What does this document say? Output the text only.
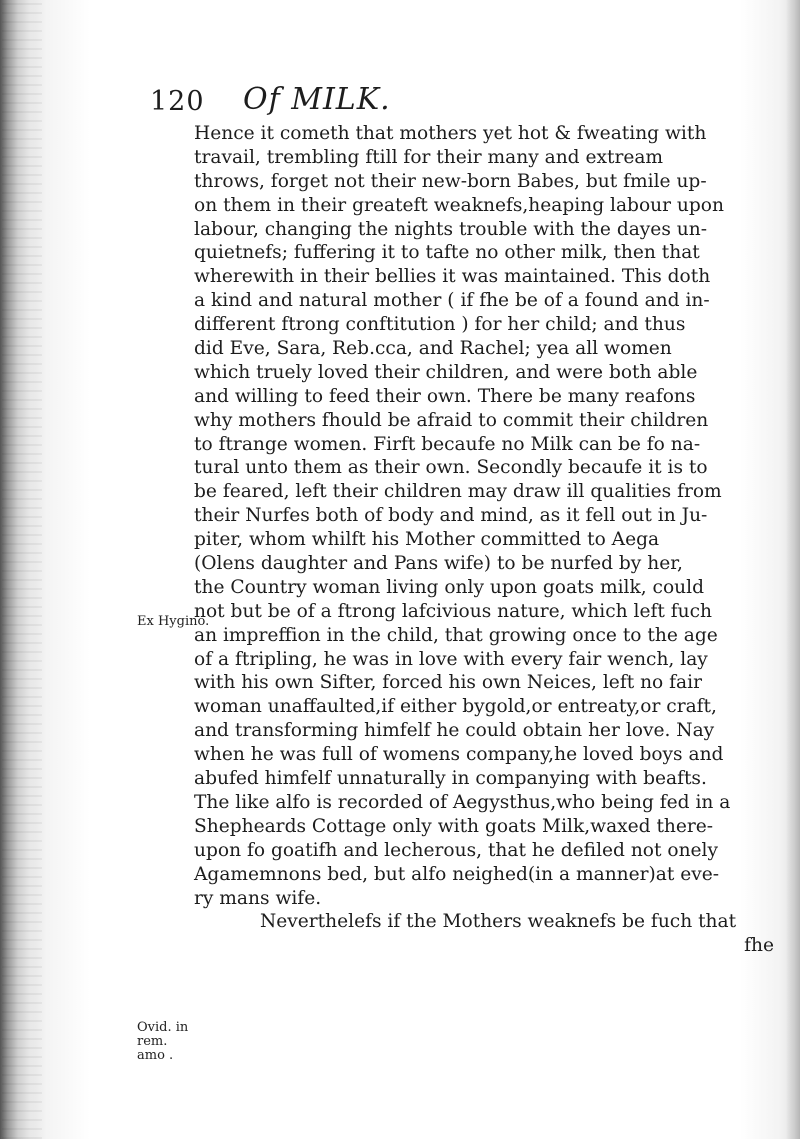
120 Of MILK.
Ex Hygino.
Ovid. in rem.
amo .
Hence it cometh that mothers yet hot & fweating with
travail, trembling ftill for their many and extream
throws, forget not their new-born Babes, but fmile up-
on them in their greateft weaknefs,heaping labour upon
labour, changing the nights trouble with the dayes un-
quietnefs; fuffering it to tafte no other milk, then that
wherewith in their bellies it was maintained. This doth
a kind and natural mother ( if fhe be of a found and in-
different ftrong conftitution ) for her child; and thus
did Eve, Sara, Reb.cca, and Rachel; yea all women
which truely loved their children, and were both able
and willing to feed their own. There be many reafons
why mothers fhould be afraid to commit their children
to ftrange women. Firft becaufe no Milk can be fo na-
tural unto them as their own. Secondly becaufe it is to
be feared, left their children may draw ill qualities from
their Nurfes both of body and mind, as it fell out in Ju-
piter, whom whilft his Mother committed to Aega
(Olens daughter and Pans wife) to be nurfed by her,
the Country woman living only upon goats milk, could
not but be of a ftrong lafcivious nature, which left fuch
an impreffion in the child, that growing once to the age
of a ftripling, he was in love with every fair wench, lay
with his own Sifter, forced his own Neices, left no fair
woman unaffaulted,if either bygold,or entreaty,or craft,
and transforming himfelf he could obtain her love. Nay
when he was full of womens company,he loved boys and
abufed himfelf unnaturally in companying with beafts.
The like alfo is recorded of Aegysthus,who being fed in a
Shepheards Cottage only with goats Milk,waxed there-
upon fo goatifh and lecherous, that he defiled not onely
Agamemnons bed, but alfo neighed(in a manner)at eve-
ry mans wife.
Neverthelefs if the Mothers weaknefs be fuch that
fhe
